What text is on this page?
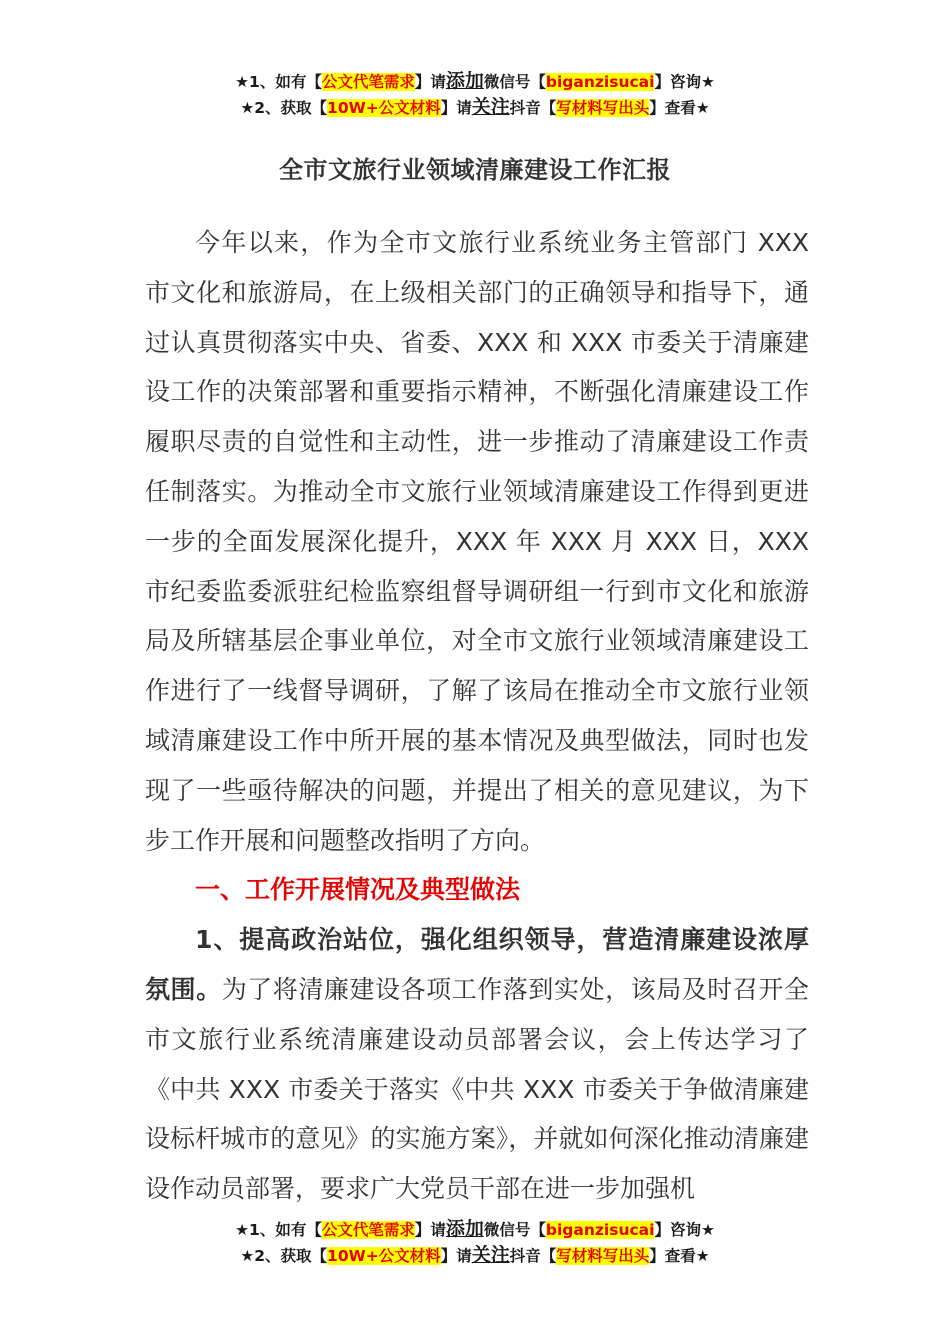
★1、如有【公文代笔需求】请添加微信号【biganzisucai】咨询★
★2、获取【10W+公文材料】请关注抖音【写材料写出头】查看★
全市文旅行业领域清廉建设工作汇报

今年以来，作为全市文旅行业系统业务主管部门 XXX 市文化和旅游局，在上级相关部门的正确领导和指导下，通过认真贯彻落实中央、省委、XXX 和 XXX 市委关于清廉建设工作的决策部署和重要指示精神，不断强化清廉建设工作履职尽责的自觉性和主动性，进一步推动了清廉建设工作责任制落实。为推动全市文旅行业领域清廉建设工作得到更进一步的全面发展深化提升，XXX 年 XXX 月 XXX 日，XXX 市纪委监委派驻纪检监察组督导调研组一行到市文化和旅游局及所辖基层企事业单位，对全市文旅行业领域清廉建设工作进行了一线督导调研，了解了该局在推动全市文旅行业领域清廉建设工作中所开展的基本情况及典型做法，同时也发现了一些亟待解决的问题，并提出了相关的意见建议，为下步工作开展和问题整改指明了方向。

一、工作开展情况及典型做法

1、提高政治站位，强化组织领导，营造清廉建设浓厚氛围。为了将清廉建设各项工作落到实处，该局及时召开全市文旅行业系统清廉建设动员部署会议，会上传达学习了《中共 XXX 市委关于落实《中共 XXX 市委关于争做清廉建设标杆城市的意见》的实施方案》，并就如何深化推动清廉建设作动员部署，要求广大党员干部在进一步加强机

★1、如有【公文代笔需求】请添加微信号【biganzisucai】咨询★
★2、获取【10W+公文材料】请关注抖音【写材料写出头】查看★
